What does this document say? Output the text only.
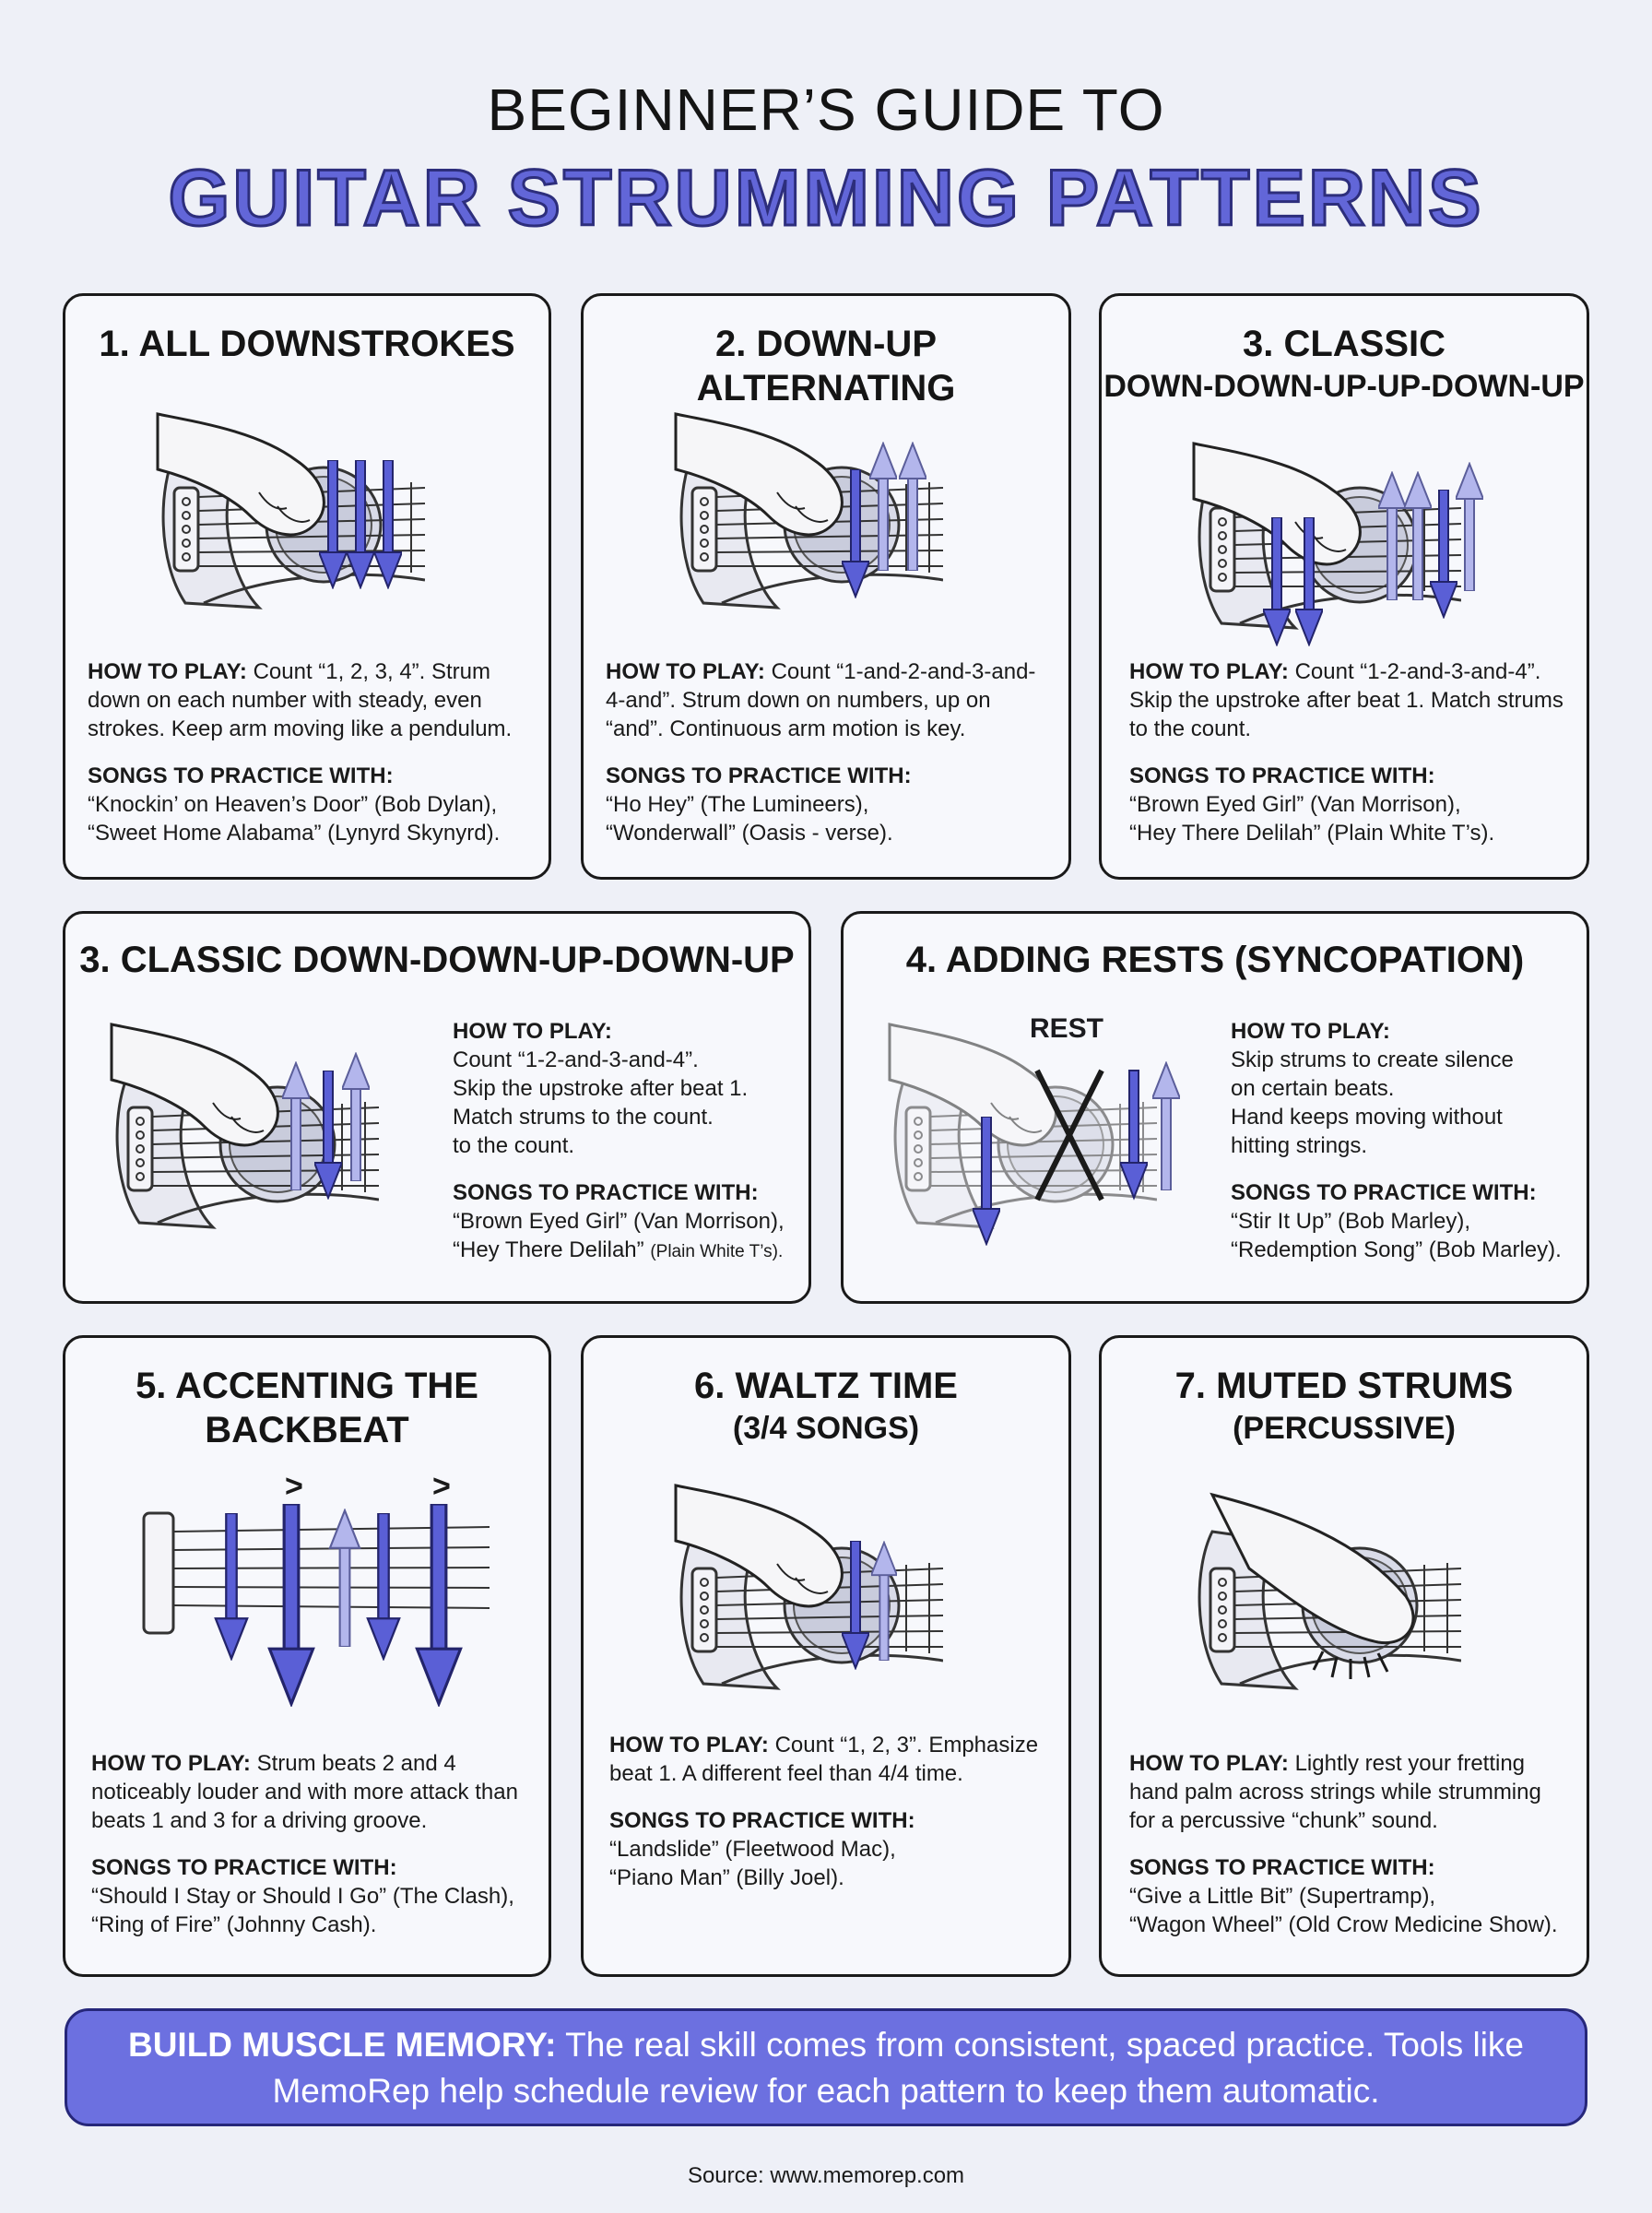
BEGINNER’S GUIDE TO
GUITAR STRUMMING PATTERNS
1. ALL DOWNSTROKES
HOW TO PLAY: Count “1, 2, 3, 4”. Strum down on each number with steady, even strokes. Keep arm moving like a pendulum.
SONGS TO PRACTICE WITH:
“Knockin’ on Heaven’s Door” (Bob Dylan),
“Sweet Home Alabama” (Lynyrd Skynyrd).
2. DOWN-UP ALTERNATING
HOW TO PLAY: Count “1-and-2-and-3-and-4-and”. Strum down on numbers, up on “and”. Continuous arm motion is key.
SONGS TO PRACTICE WITH:
“Ho Hey” (The Lumineers),
“Wonderwall” (Oasis - verse).
3. CLASSIC
DOWN-DOWN-UP-UP-DOWN-UP
HOW TO PLAY: Count “1-2-and-3-and-4”. Skip the upstroke after beat 1. Match strums to the count.
SONGS TO PRACTICE WITH:
“Brown Eyed Girl” (Van Morrison),
“Hey There Delilah” (Plain White T’s).
3. CLASSIC DOWN-DOWN-UP-DOWN-UP
HOW TO PLAY:
Count “1-2-and-3-and-4”.
Skip the upstroke after beat 1.
Match strums to the count.
to the count.
SONGS TO PRACTICE WITH:
“Brown Eyed Girl” (Van Morrison),
“Hey There Delilah” (Plain White T’s).
4. ADDING RESTS (SYNCOPATION)
REST	HOW TO PLAY:
Skip strums to create silence
on certain beats.
Hand keeps moving without
hitting strings.
SONGS TO PRACTICE WITH:
“Stir It Up” (Bob Marley),
“Redemption Song” (Bob Marley).
5. ACCENTING THE
BACKBEAT
>	>
HOW TO PLAY: Strum beats 2 and 4 noticeably louder and with more attack than beats 1 and 3 for a driving groove.
SONGS TO PRACTICE WITH:
“Should I Stay or Should I Go” (The Clash),
“Ring of Fire” (Johnny Cash).
6. WALTZ TIME
(3/4 SONGS)
HOW TO PLAY: Count “1, 2, 3”. Emphasize beat 1. A different feel than 4/4 time.
SONGS TO PRACTICE WITH:
“Landslide” (Fleetwood Mac),
“Piano Man” (Billy Joel).
7. MUTED STRUMS
(PERCUSSIVE)
HOW TO PLAY: Lightly rest your fretting hand palm across strings while strumming for a percussive “chunk” sound.
SONGS TO PRACTICE WITH:
“Give a Little Bit” (Supertramp),
“Wagon Wheel” (Old Crow Medicine Show).
BUILD MUSCLE MEMORY: The real skill comes from consistent, spaced practice. Tools like MemoRep help schedule review for each pattern to keep them automatic.
Source: www.memorep.com
